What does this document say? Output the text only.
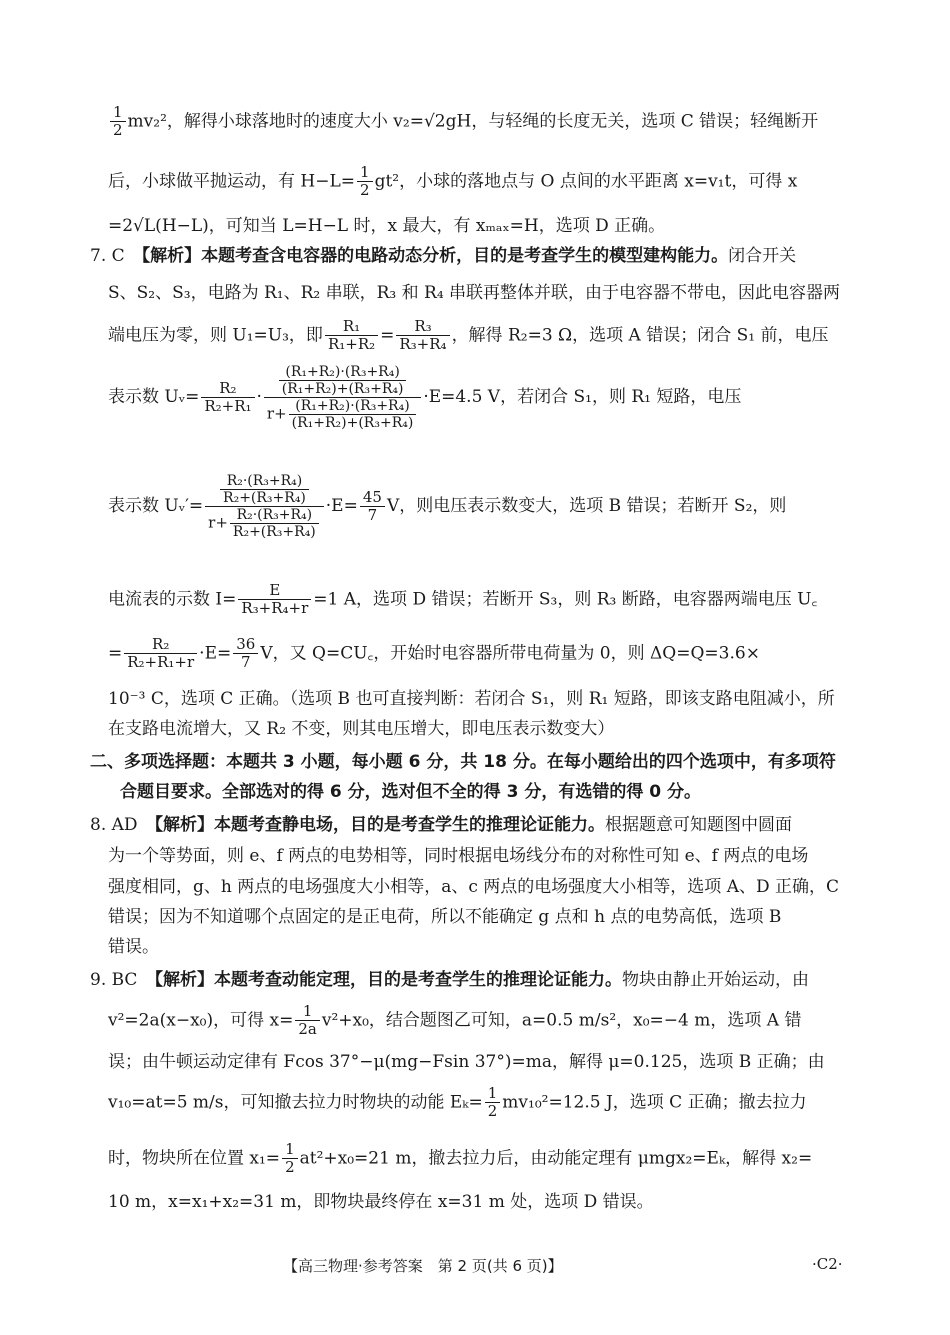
$\frac{1}{2} mv_2^2$，解得小球落地时的速度大小 v₂=√2gH，与轻绳的长度无关，选项 C 错误；轻绳断开
后，小球做平抛运动，有 $H-L= \frac{1}{2} gt^2$，小球的落地点与 O 点间的水平距离 x=v₁t，可得 x
=2√L(H−L)，可知当 L=H−L 时，x 最大，有 xₘₐₓ=H，选项 D 正确。
7. C　 【解析】本题考查含电容器的电路动态分析，目的是考查学生的模型建构能力。闭合开关
S、S₂、S₃，电路为 R₁、R₂ 串联，R₃ 和 R₄ 串联再整体并联，由于电容器不带电，因此电容器两
端电压为零，则 U₁=U₃，即 $\frac{\text{R₁}}{\text{R₁+R₂}} = \frac{\text{R₃}}{\text{R₃+R₄}}$ ，解得 R₂=3 Ω，选项 A 错误；闭合 S₁ 前，电压
表示数 Uᵥ= $\frac{\text{R₂}}{\text{R₂+R₁}} \cdot \frac{\frac{\text{(R₁+R₂)·(R₃+R₄)}}{\text{(R₁+R₂)+(R₃+R₄)}}}{r+ \frac{\text{(R₁+R₂)·(R₃+R₄)}}{\text{(R₁+R₂)+(R₃+R₄)}}} \cdot E=4.5$ V，若闭合 S₁，则 R₁ 短路，电压
表示数 Uᵥ′= $\frac{\frac{\text{R₂·(R₃+R₄)}}{\text{R₂+(R₃+R₄)}}}{r+ \frac{\text{R₂·(R₃+R₄)}}{\text{R₂+(R₃+R₄)}}} \cdot E= \frac{45}{7}$ V，则电压表示数变大，选项 B 错误；若断开 S₂，则
电流表的示数 $I= \frac{E}{\text{R₃+R₄+r}} =1$ A，选项 D 错误；若断开 S₃，则 R₃ 断路，电容器两端电压 U꜀
= $\frac{\text{R₂}}{\text{R₂+R₁+r}} \cdot E= \frac{36}{7}$ V，又 Q=CU꜀，开始时电容器所带电荷量为 0，则 ΔQ=Q=3.6×
10⁻³ C，选项 C 正确。（选项 B 也可直接判断：若闭合 S₁，则 R₁ 短路，即该支路电阻减小，所
在支路电流增大，又 R₂ 不变，则其电压增大，即电压表示数变大）
二、多项选择题：本题共 3 小题，每小题 6 分，共 18 分。在每小题给出的四个选项中，有多项符
合题目要求。全部选对的得 6 分，选对但不全的得 3 分，有选错的得 0 分。
8. AD　 【解析】本题考查静电场，目的是考查学生的推理论证能力。根据题意可知题图中圆面
为一个等势面，则 e、f 两点的电势相等，同时根据电场线分布的对称性可知 e、f 两点的电场
强度相同，g、h 两点的电场强度大小相等，a、c 两点的电场强度大小相等，选项 A、D 正确，C
错误；因为不知道哪个点固定的是正电荷，所以不能确定 g 点和 h 点的电势高低，选项 B
错误。
9. BC　 【解析】本题考查动能定理，目的是考查学生的推理论证能力。物块由静止开始运动，由
v²=2a(x−x₀)，可得 $x= \frac{1}{2a} v^2+x_0$，结合题图乙可知，a=0.5 m/s²，x₀=−4 m，选项 A 错
误；由牛顿运动定律有 Fcos 37°−μ(mg−Fsin 37°)=ma，解得 μ=0.125，选项 B 正确；由
v₁₀=at=5 m/s，可知撤去拉力时物块的动能 $E_k= \frac{1}{2} mv_{10}^2=12.5$ J，选项 C 正确；撤去拉力
时，物块所在位置 $x_1= \frac{1}{2} at^2+x_0=21$ m，撤去拉力后，由动能定理有 μmgx₂=Eₖ，解得 x₂=
10 m，x=x₁+x₂=31 m，即物块最终停在 x=31 m 处，选项 D 错误。
【高三物理·参考答案　第 2 页(共 6 页)】	·C2·
